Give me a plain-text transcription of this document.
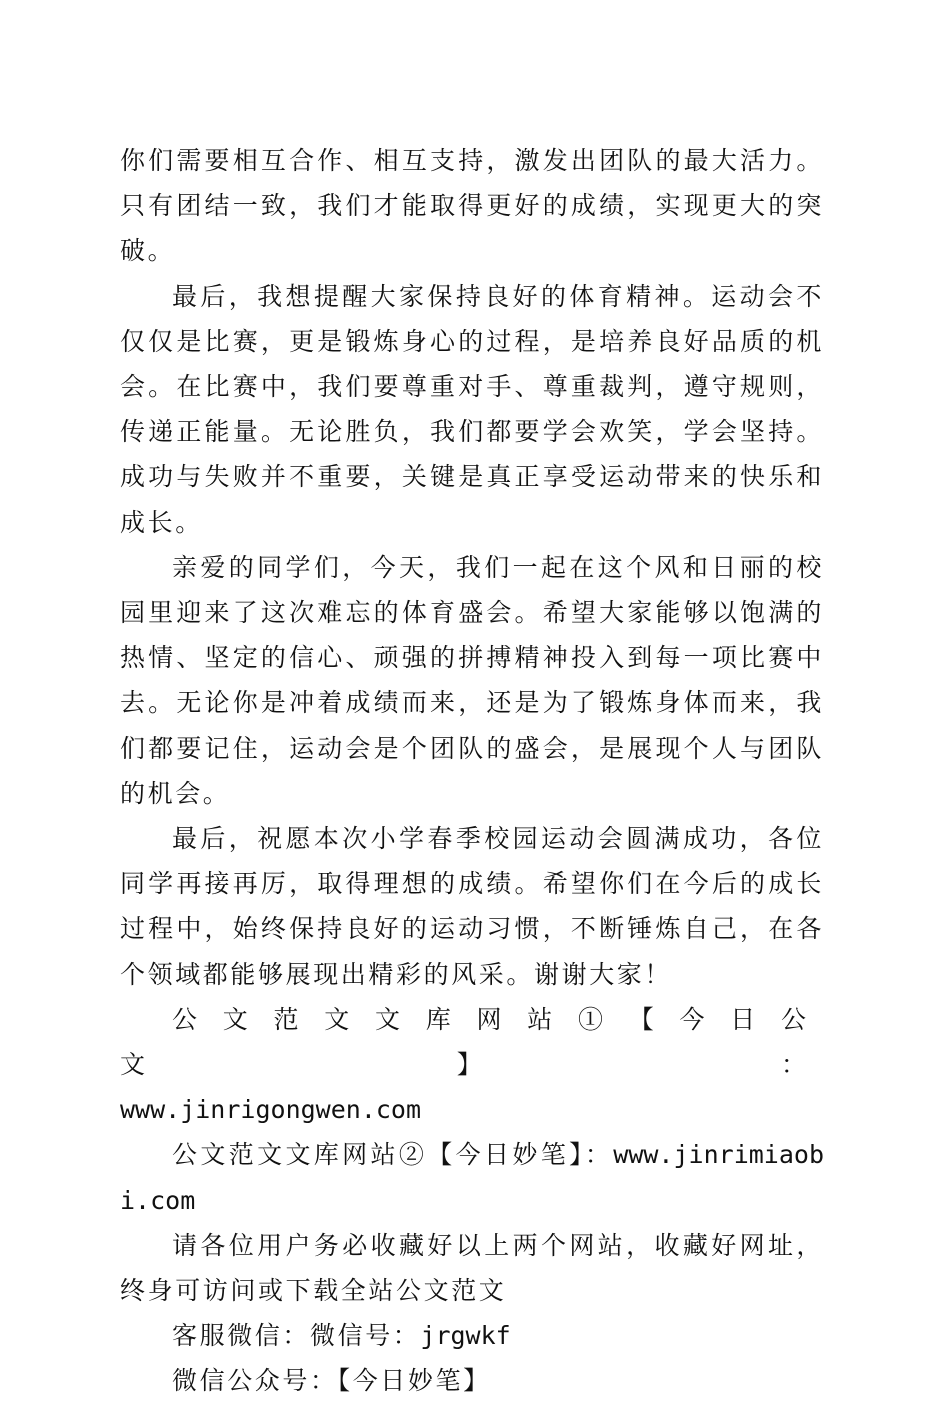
你们需要相互合作、相互支持，激发出团队的最大活力。只有团结一致，我们才能取得更好的成绩，实现更大的突破。

最后，我想提醒大家保持良好的体育精神。运动会不仅仅是比赛，更是锻炼身心的过程，是培养良好品质的机会。在比赛中，我们要尊重对手、尊重裁判，遵守规则，传递正能量。无论胜负，我们都要学会欢笑，学会坚持。成功与失败并不重要，关键是真正享受运动带来的快乐和成长。

亲爱的同学们，今天，我们一起在这个风和日丽的校园里迎来了这次难忘的体育盛会。希望大家能够以饱满的热情、坚定的信心、顽强的拼搏精神投入到每一项比赛中去。无论你是冲着成绩而来，还是为了锻炼身体而来，我们都要记住，运动会是个团队的盛会，是展现个人与团队的机会。

最后，祝愿本次小学春季校园运动会圆满成功，各位同学再接再厉，取得理想的成绩。希望你们在今后的成长过程中，始终保持良好的运动习惯，不断锤炼自己，在各个领域都能够展现出精彩的风采。谢谢大家！

公文范文文库网站①【今日公文】：
www.jinrigongwen.com
公文范文文库网站②【今日妙笔】：www.jinrimiaobi.com

请各位用户务必收藏好以上两个网站，收藏好网址，终身可访问或下载全站公文范文

客服微信：微信号：jrgwkf
微信公众号：【今日妙笔】
